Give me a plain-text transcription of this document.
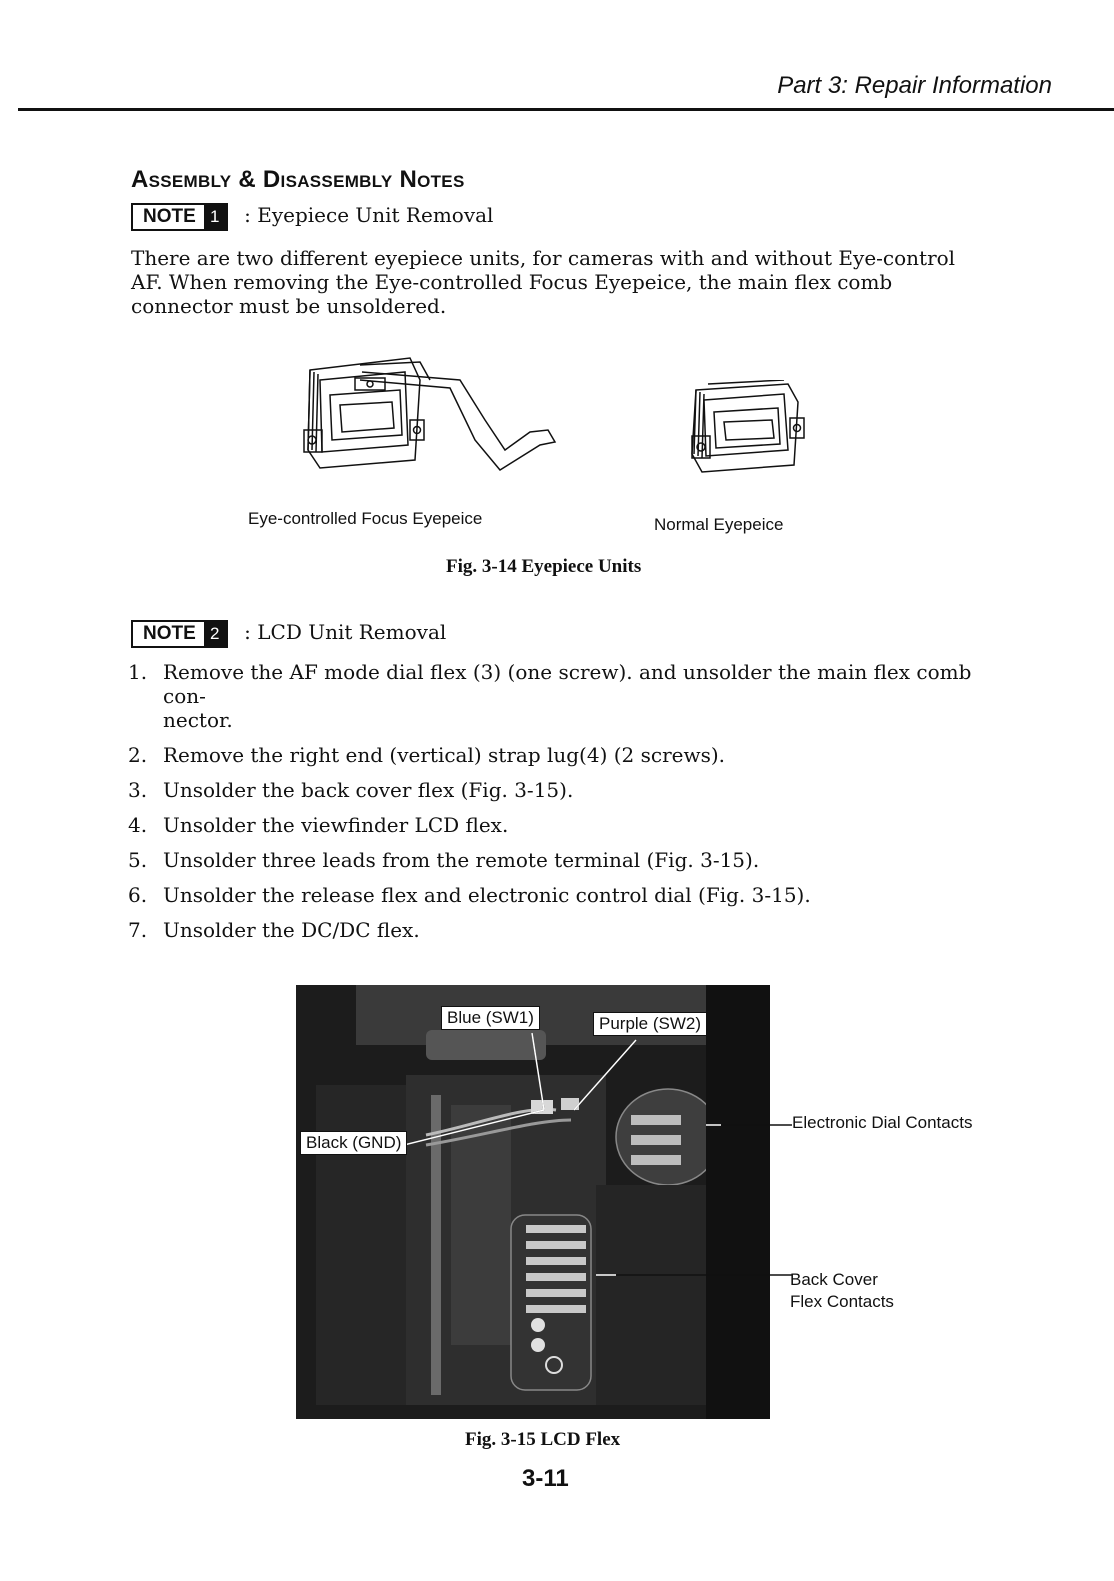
Part 3: Repair Information
Assembly & Disassembly Notes
NOTE 1	: Eyepiece Unit Removal
There are two different eyepiece units, for cameras with and without Eye-control AF. When removing the Eye-controlled Focus Eyepeice, the main flex comb connector must be unsoldered.
Eye-controlled Focus Eyepeice	Normal Eyepeice
Fig. 3-14 Eyepiece Units
NOTE 2	: LCD Unit Removal
1. Remove the AF mode dial flex (3) (one screw). and unsolder the main flex comb con-
nector.
2. Remove the right end (vertical) strap lug(4) (2 screws).
3. Unsolder the back cover flex (Fig. 3-15).
4. Unsolder the viewfinder LCD flex.
5. Unsolder three leads from the remote terminal (Fig. 3-15).
6. Unsolder the release flex and electronic control dial (Fig. 3-15).
7. Unsolder the DC/DC flex.
Blue (SW1)	Purple (SW2)
Black (GND)
Electronic Dial Contacts
Back Cover
Flex Contacts
Fig. 3-15 LCD Flex
3-11
